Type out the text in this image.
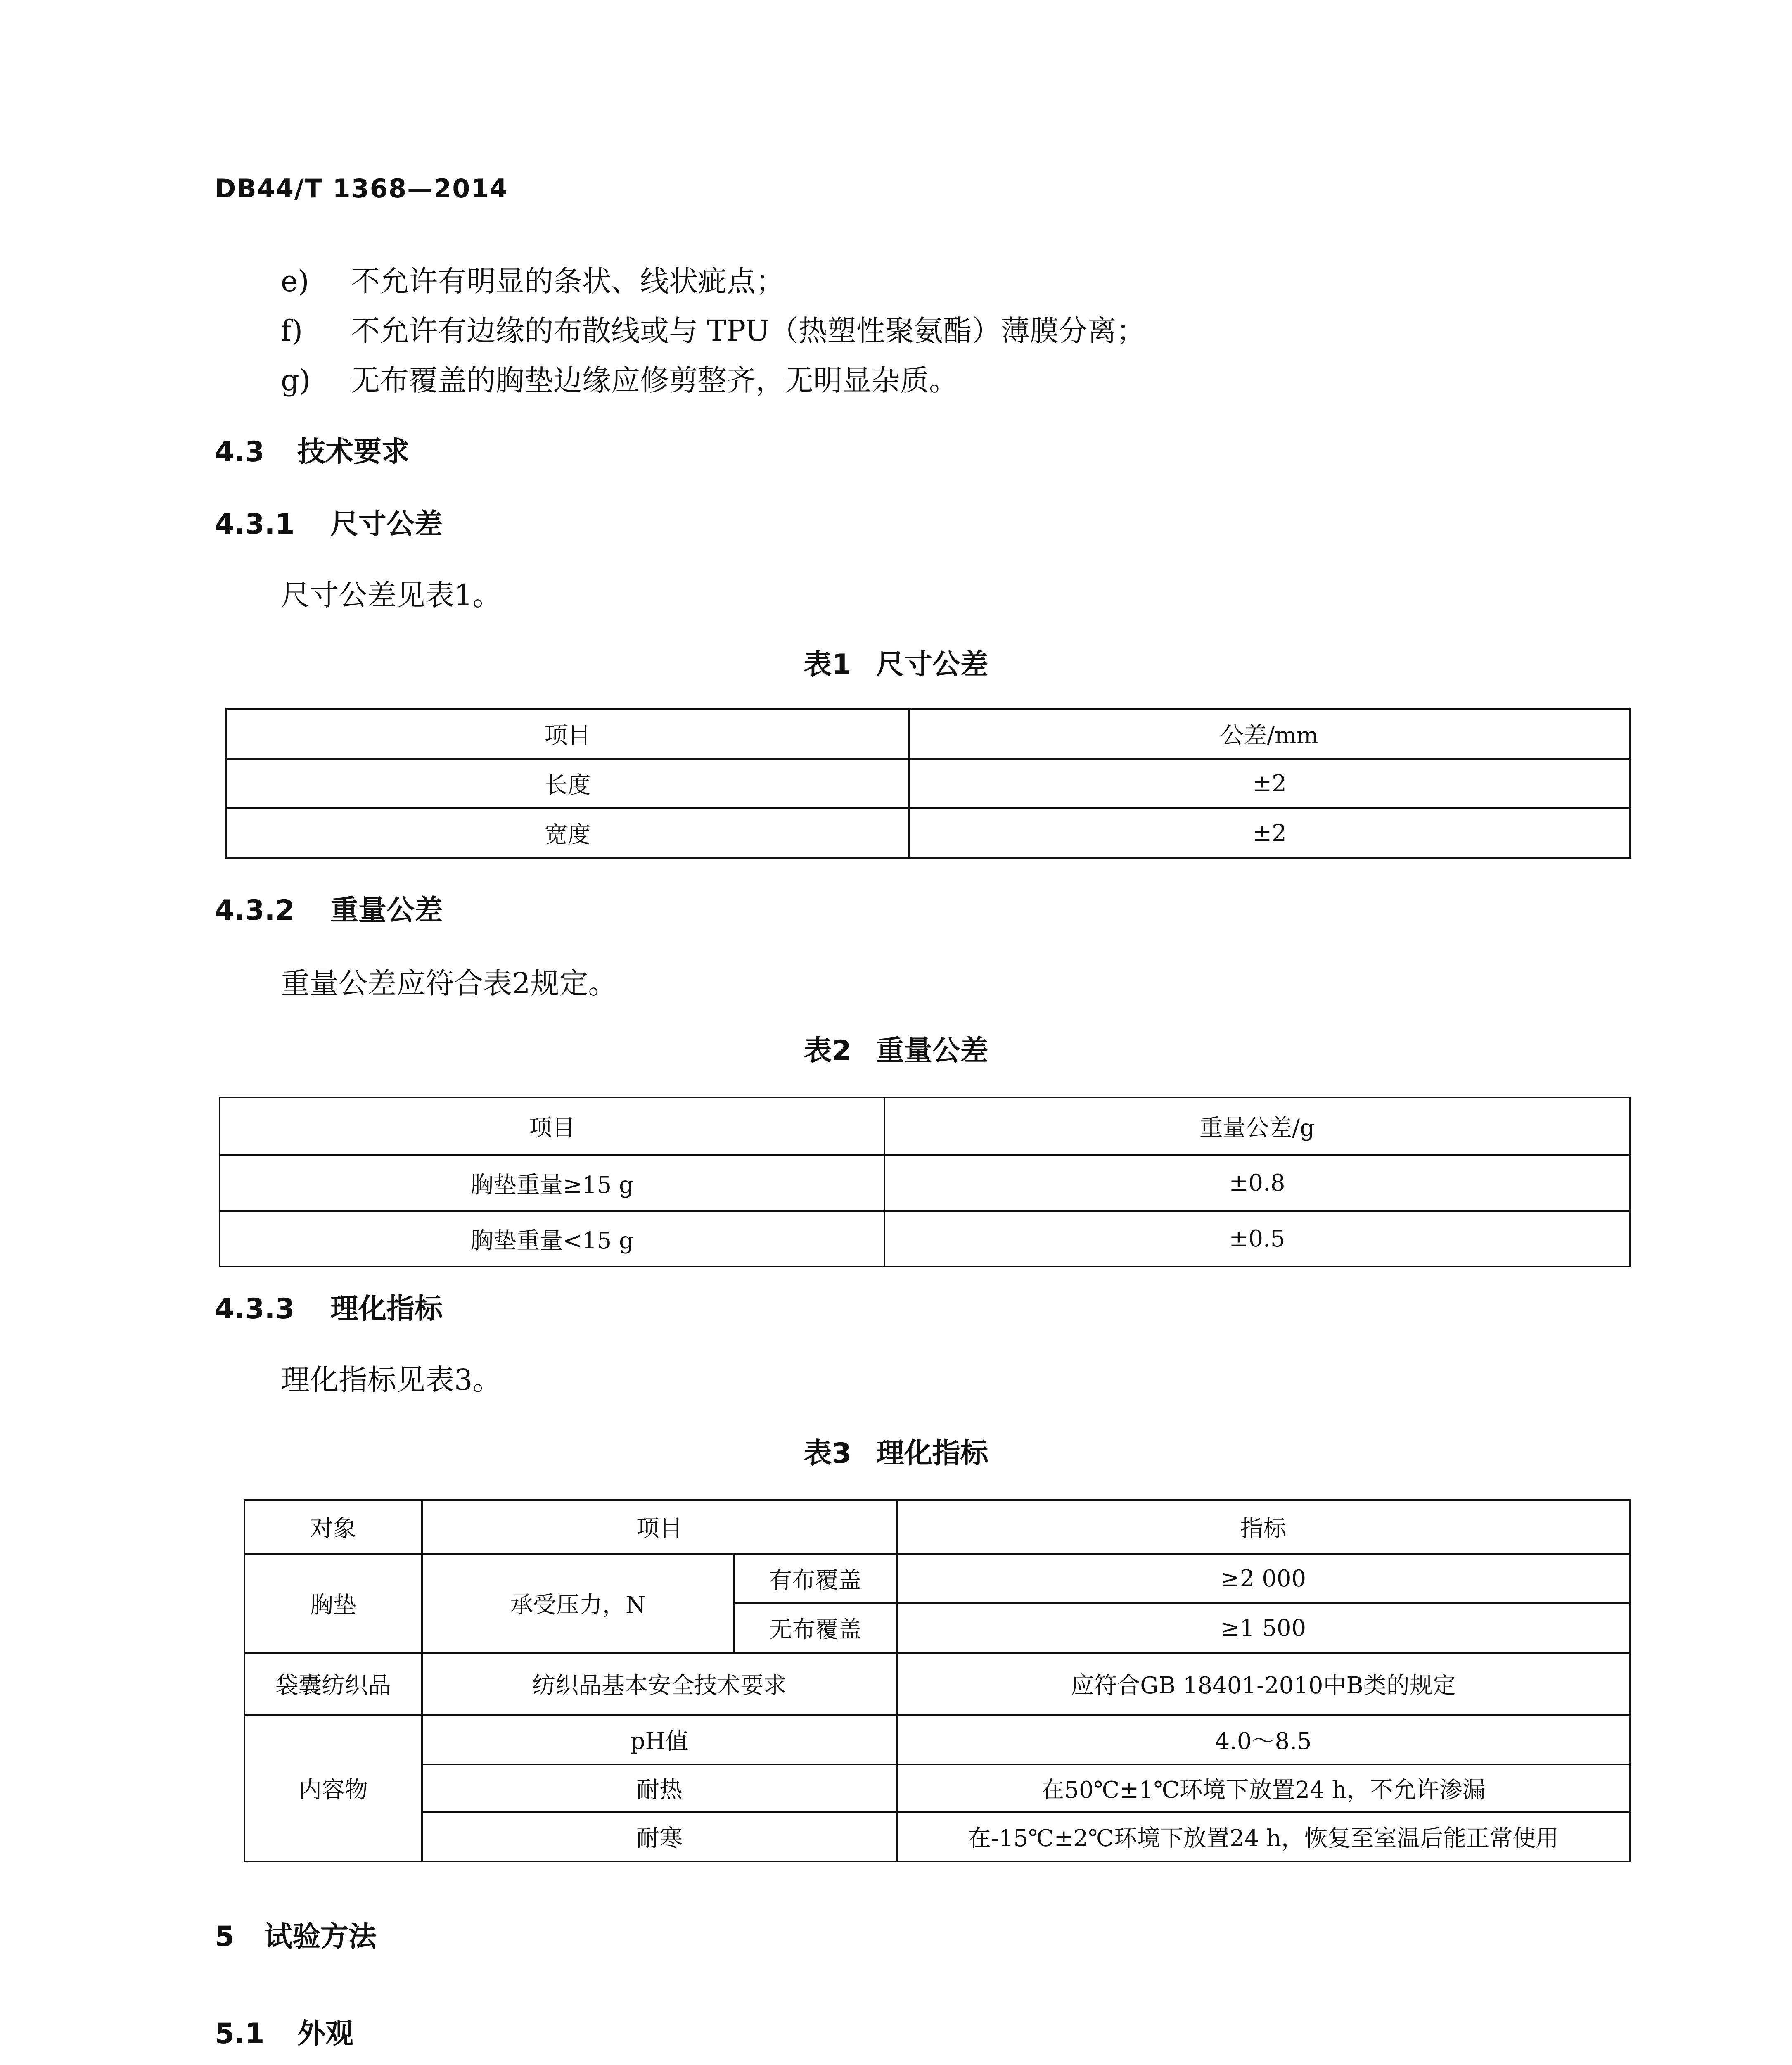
DB44/T 1368—2014
e) 不允许有明显的条状、线状疵点；
f) 不允许有边缘的布散线或与 TPU（热塑性聚氨酯）薄膜分离；
g) 无布覆盖的胸垫边缘应修剪整齐，无明显杂质。
4.3 技术要求
4.3.1 尺寸公差
尺寸公差见表1。
表1 尺寸公差
项目	公差/mm
长度	±2
宽度	±2
4.3.2 重量公差
重量公差应符合表2规定。
表2 重量公差
项目	重量公差/g
胸垫重量≥15 g	±0.8
胸垫重量<15 g	±0.5
4.3.3 理化指标
理化指标见表3。
表3 理化指标
对象	项目		指标
胸垫	承受压力，N	有布覆盖	≥2 000
		无布覆盖	≥1 500
袋囊纺织品	纺织品基本安全技术要求		应符合GB 18401-2010中B类的规定
内容物	pH值		4.0～8.5
	耐热		在50℃±1℃环境下放置24 h，不允许渗漏
	耐寒		在-15℃±2℃环境下放置24 h，恢复至室温后能正常使用
5 试验方法
5.1 外观
